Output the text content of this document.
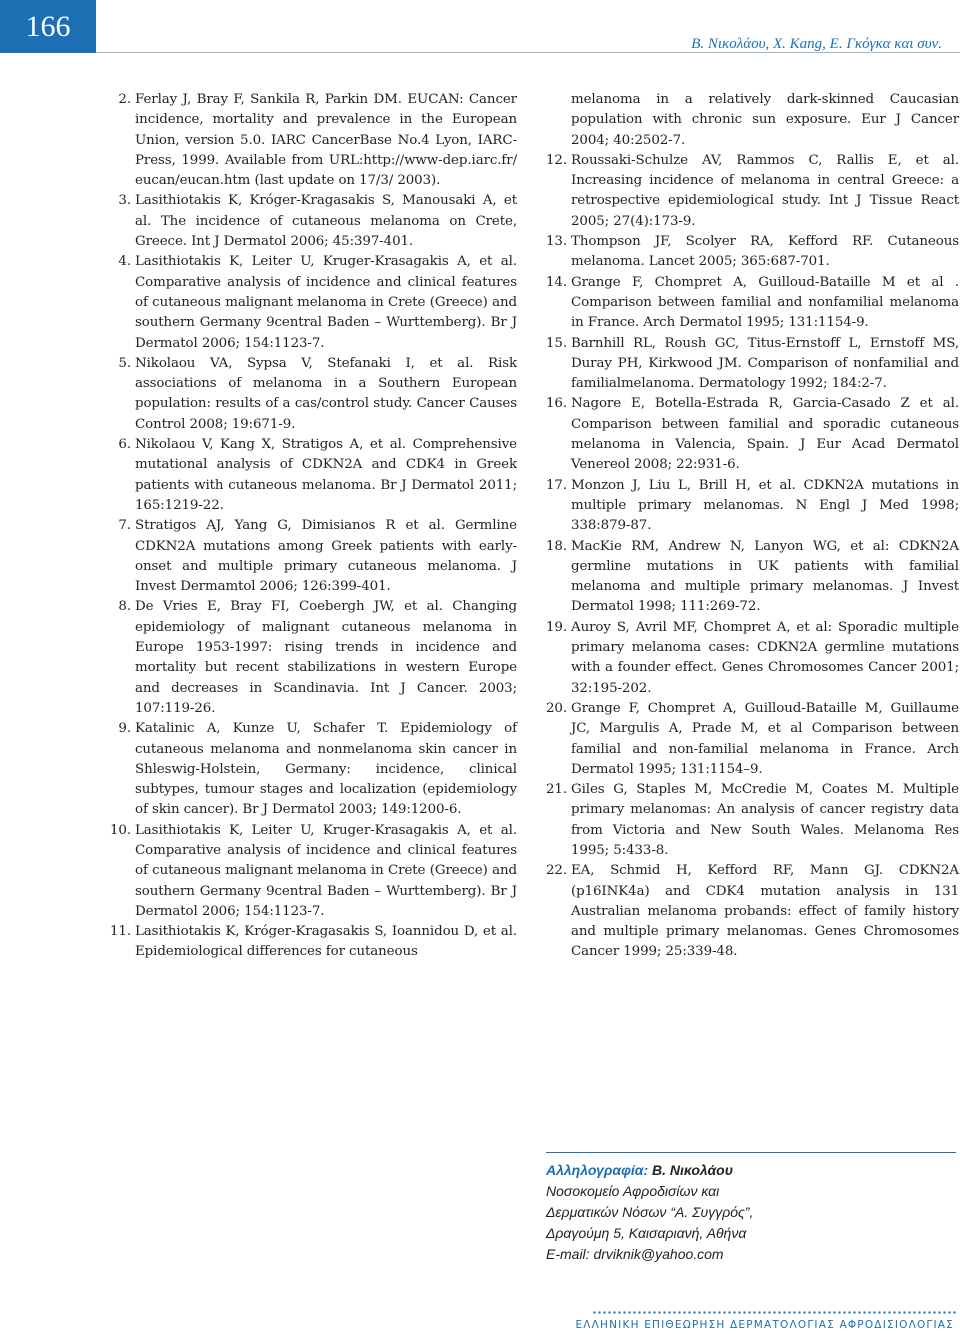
166
Β. Νικολάου, Χ. Kang, Ε. Γκόγκα και συν.
2. Ferlay J, Bray F, Sankila R, Parkin DM. EUCAN: Cancer incidence, mortality and prevalence in the European Union, version 5.0. IARC CancerBase No.4 Lyon, IARC-Press, 1999. Available from URL:http://www-dep.iarc.fr/ eucan/eucan.htm (last update on 17/3/ 2003).
3. Lasithiotakis K, Króger-Kragasakis S, Manousaki A, et al. The incidence of cutaneous melanoma on Crete, Greece. Int J Dermatol 2006; 45:397-401.
4. Lasithiotakis K, Leiter U, Kruger-Krasagakis A, et al. Comparative analysis of incidence and clinical features of cutaneous malignant melanoma in Crete (Greece) and southern Germany 9central Baden – Wurttemberg). Br J Dermatol 2006; 154:1123-7.
5. Nikolaou VA, Sypsa V, Stefanaki I, et al. Risk associations of melanoma in a Southern European population: results of a cas/control study. Cancer Causes Control 2008; 19:671-9.
6. Nikolaou V, Kang X, Stratigos A, et al. Comprehensive mutational analysis of CDKN2A and CDK4 in Greek patients with cutaneous melanoma. Br J Dermatol 2011; 165:1219-22.
7. Stratigos AJ, Yang G, Dimisianos R et al. Germline CDKN2A mutations among Greek patients with early-onset and multiple primary cutaneous melanoma. J Invest Dermamtol 2006; 126:399-401.
8. De Vries E, Bray FI, Coebergh JW, et al. Changing epidemiology of malignant cutaneous melanoma in Europe 1953-1997: rising trends in incidence and mortality but recent stabilizations in western Europe and decreases in Scandinavia. Int J Cancer. 2003; 107:119-26.
9. Katalinic A, Kunze U, Schafer T. Epidemiology of cutaneous melanoma and nonmelanoma skin cancer in Shleswig-Holstein, Germany: incidence, clinical subtypes, tumour stages and localization (epidemiology of skin cancer). Br J Dermatol 2003; 149:1200-6.
10. Lasithiotakis K, Leiter U, Kruger-Krasagakis A, et al. Comparative analysis of incidence and clinical features of cutaneous malignant melanoma in Crete (Greece) and southern Germany 9central Baden – Wurttemberg). Br J Dermatol 2006; 154:1123-7.
11. Lasithiotakis K, Króger-Kragasakis S, Ioannidou D, et al. Epidemiological differences for cutaneous
melanoma in a relatively dark-skinned Caucasian population with chronic sun exposure. Eur J Cancer 2004; 40:2502-7.
12. Roussaki-Schulze AV, Rammos C, Rallis E, et al. Increasing incidence of melanoma in central Greece: a retrospective epidemiological study. Int J Tissue React 2005; 27(4):173-9.
13. Thompson JF, Scolyer RA, Kefford RF. Cutaneous melanoma. Lancet 2005; 365:687-701.
14. Grange F, Chompret A, Guilloud-Bataille M et al . Comparison between familial and nonfamilial melanoma in France. Arch Dermatol 1995; 131:1154-9.
15. Barnhill RL, Roush GC, Titus-Ernstoff L, Ernstoff MS, Duray PH, Kirkwood JM. Comparison of nonfamilial and familialmelanoma. Dermatology 1992; 184:2-7.
16. Nagore E, Botella-Estrada R, Garcia-Casado Z et al. Comparison between familial and sporadic cutaneous melanoma in Valencia, Spain. J Eur Acad Dermatol Venereol 2008; 22:931-6.
17. Monzon J, Liu L, Brill H, et al. CDKN2A mutations in multiple primary melanomas. N Engl J Med 1998; 338:879-87.
18. MacKie RM, Andrew N, Lanyon WG, et al: CDKN2A germline mutations in UK patients with familial melanoma and multiple primary melanomas. J Invest Dermatol 1998; 111:269-72.
19. Auroy S, Avril MF, Chompret A, et al: Sporadic multiple primary melanoma cases: CDKN2A germline mutations with a founder effect. Genes Chromosomes Cancer 2001; 32:195-202.
20. Grange F, Chompret A, Guilloud-Bataille M, Guillaume JC, Margulis A, Prade M, et al Comparison between familial and non-familial melanoma in France. Arch Dermatol 1995; 131:1154–9.
21. Giles G, Staples M, McCredie M, Coates M. Multiple primary melanomas: An analysis of cancer registry data from Victoria and New South Wales. Melanoma Res 1995; 5:433-8.
22. EA, Schmid H, Kefford RF, Mann GJ. CDKN2A (p16INK4a) and CDK4 mutation analysis in 131 Australian melanoma probands: effect of family history and multiple primary melanomas. Genes Chromosomes Cancer 1999; 25:339-48.
Αλληλογραφία: Β. Νικολάου
Νοσοκομείο Αφροδισίων και
Δερματικών Νόσων “Α. Συγγρός”,
Δραγούμη 5, Καισαριανή, Αθήνα
E-mail: drviknik@yahoo.com
ΕΛΛΗΝΙΚΗ ΕΠΙΘΕΩΡΗΣΗ ΔΕΡΜΑΤΟΛΟΓΙΑΣ ΑΦΡΟΔΙΣΙΟΛΟΓΙΑΣ
